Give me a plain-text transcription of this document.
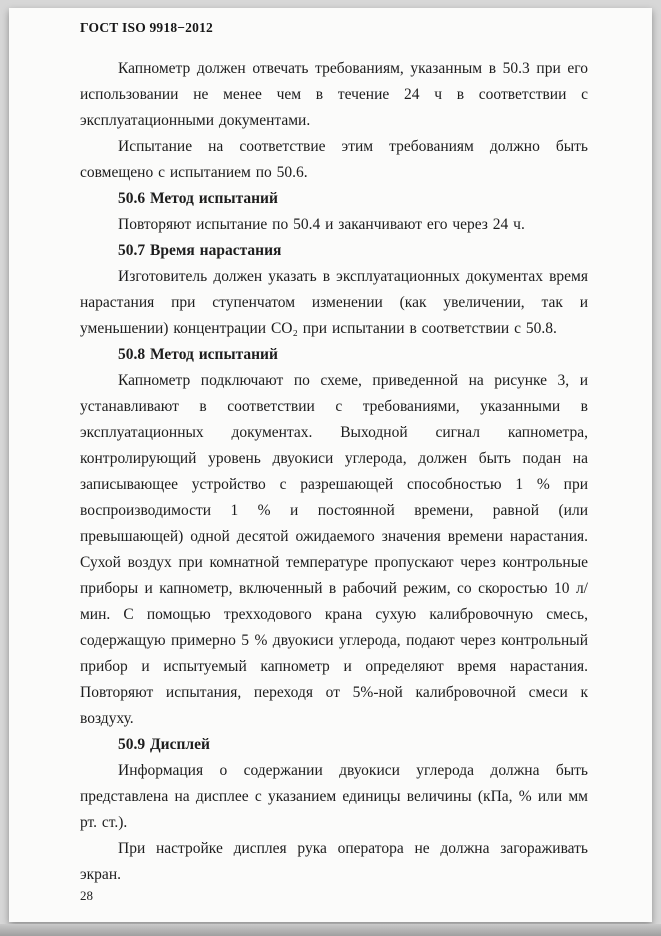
ГОСТ ISO 9918−2012

Капнометр должен отвечать требованиям, указанным в 50.3 при его использовании не менее чем в течение 24 ч в соответствии с эксплуатационными документами.

Испытание на соответствие этим требованиям должно быть совмещено с испытанием по 50.6.

50.6 Метод испытаний

Повторяют испытание по 50.4 и заканчивают его через 24 ч.

50.7 Время нарастания

Изготовитель должен указать в эксплуатационных документах время нарастания при ступенчатом изменении (как увеличении, так и уменьшении) концентрации CO₂ при испытании в соответствии с 50.8.

50.8 Метод испытаний

Капнометр подключают по схеме, приведенной на рисунке 3, и устанавливают в соответствии с требованиями, указанными в эксплуатационных документах. Выходной сигнал капнометра, контролирующий уровень двуокиси углерода, должен быть подан на записывающее устройство с разрешающей способностью 1 % при воспроизводимости 1 % и постоянной времени, равной (или превышающей) одной десятой ожидаемого значения времени нарастания. Сухой воздух при комнатной температуре пропускают через контрольные приборы и капнометр, включенный в рабочий режим, со скоростью 10 л/мин. С помощью трехходового крана сухую калибровочную смесь, содержащую примерно 5 % двуокиси углерода, подают через контрольный прибор и испытуемый капнометр и определяют время нарастания. Повторяют испытания, переходя от 5%-ной калибровочной смеси к воздуху.

50.9 Дисплей

Информация о содержании двуокиси углерода должна быть представлена на дисплее с указанием единицы величины (кПа, % или мм рт. ст.).

При настройке дисплея рука оператора не должна загораживать экран.

28
